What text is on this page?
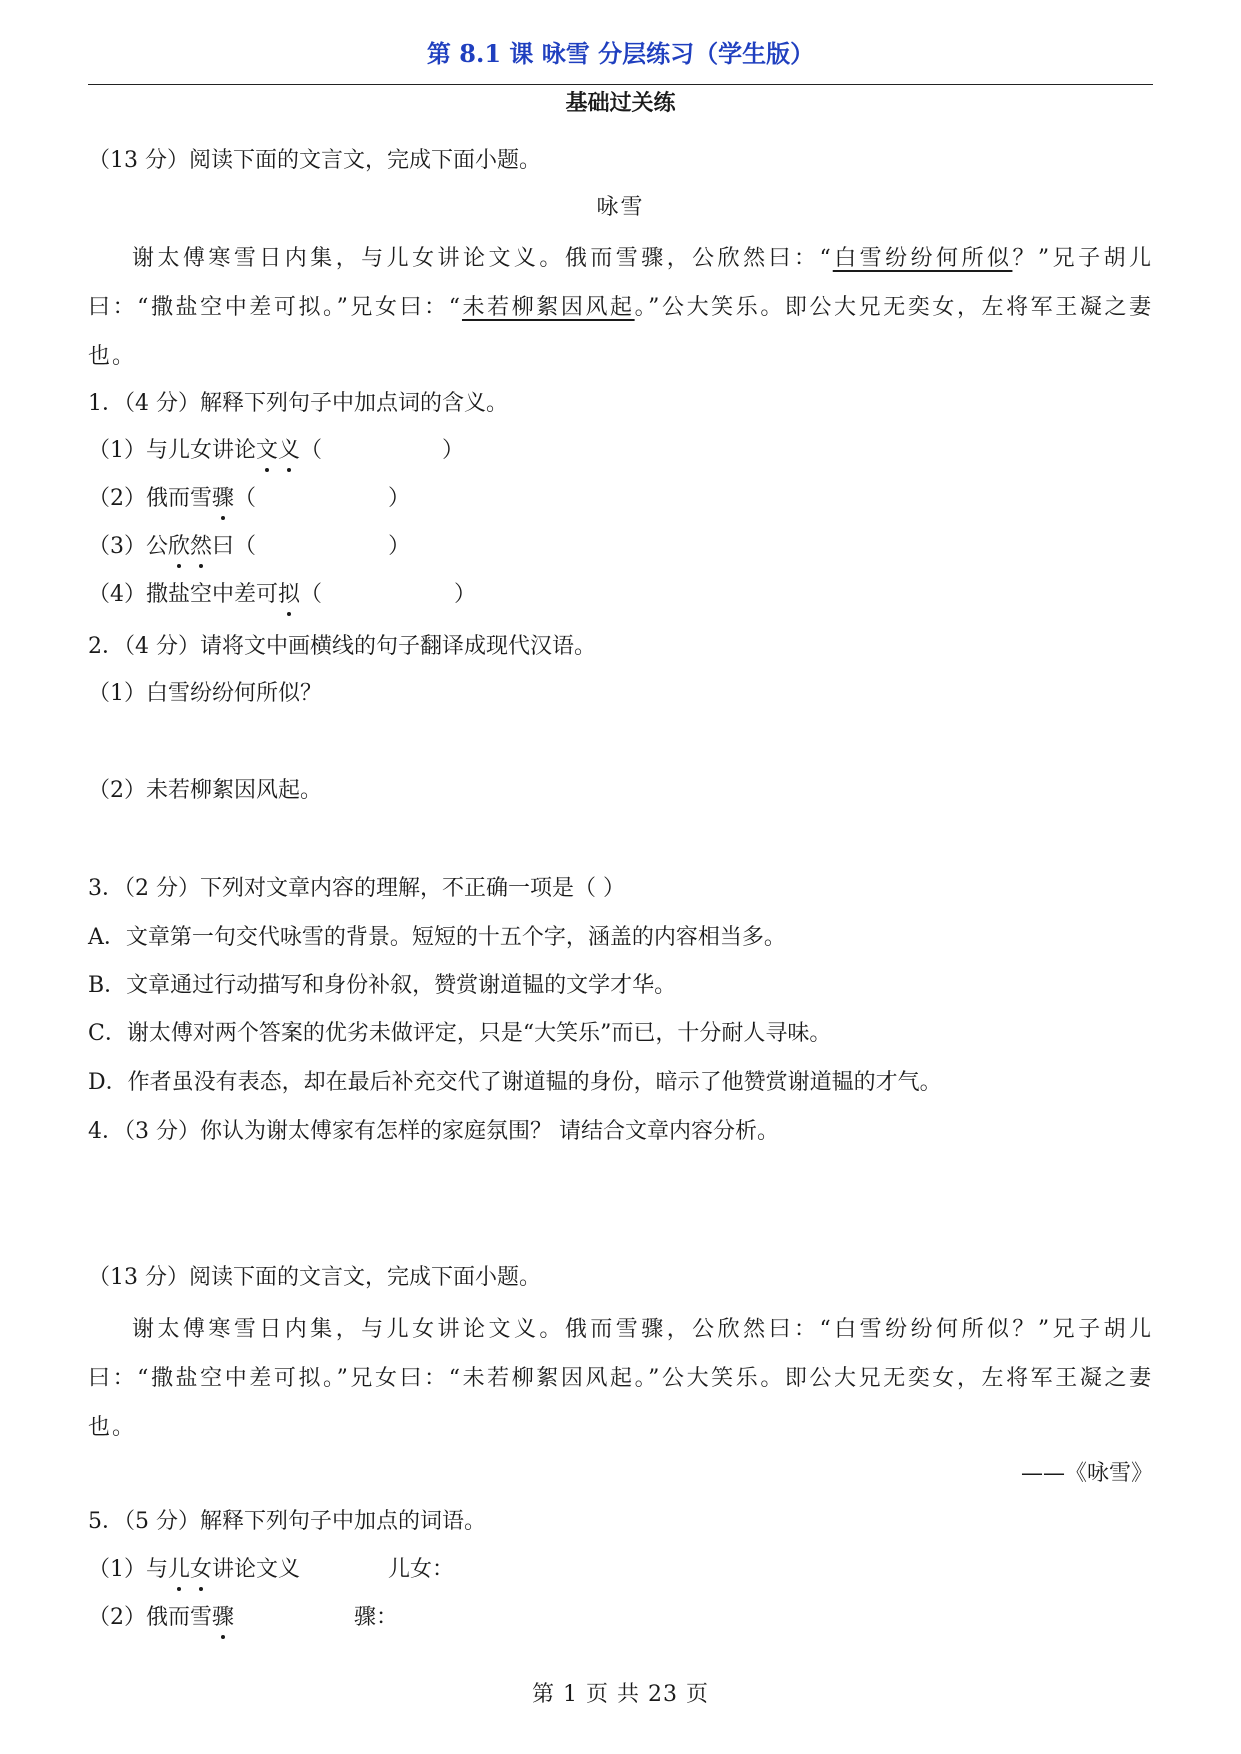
第 8.1 课 咏雪 分层练习（学生版）
基础过关练
（13 分）阅读下面的文言文，完成下面小题。
咏雪
谢太傅寒雪日内集，与儿女讲论文义。俄而雪骤，公欣然曰：“白雪纷纷何所似？”兄子胡儿曰：“撒盐空中差可拟。”兄女曰：“未若柳絮因风起。”公大笑乐。即公大兄无奕女，左将军王凝之妻也。
1．（4 分）解释下列句子中加点词的含义。
（1）与儿女讲论文义（	）
（2）俄而雪骤（	）
（3）公欣然曰（	）
（4）撒盐空中差可拟（	）
2．（4 分）请将文中画横线的句子翻译成现代汉语。
（1）白雪纷纷何所似？
（2）未若柳絮因风起。
3．（2 分）下列对文章内容的理解，不正确一项是（ ）
A．文章第一句交代咏雪的背景。短短的十五个字，涵盖的内容相当多。
B．文章通过行动描写和身份补叙，赞赏谢道韫的文学才华。
C．谢太傅对两个答案的优劣未做评定，只是“大笑乐”而已，十分耐人寻味。
D．作者虽没有表态，却在最后补充交代了谢道韫的身份，暗示了他赞赏谢道韫的才气。
4．（3 分）你认为谢太傅家有怎样的家庭氛围？ 请结合文章内容分析。
（13 分）阅读下面的文言文，完成下面小题。
谢太傅寒雪日内集，与儿女讲论文义。俄而雪骤，公欣然曰：“白雪纷纷何所似？”兄子胡儿曰：“撒盐空中差可拟。”兄女曰：“未若柳絮因风起。”公大笑乐。即公大兄无奕女，左将军王凝之妻也。
——《咏雪》
5．（5 分）解释下列句子中加点的词语。
（1）与儿女讲论文义	儿女：
（2）俄而雪骤	骤：
第 1 页 共 23 页
